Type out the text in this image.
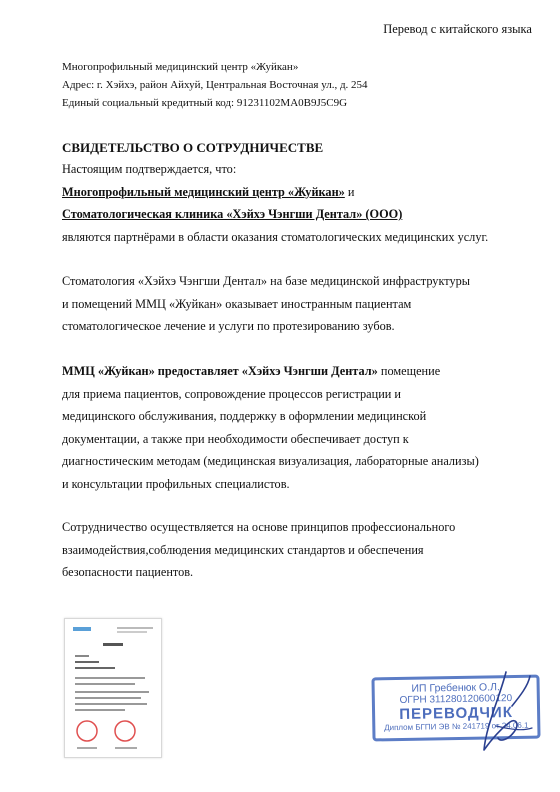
Перевод с китайского языка
Многопрофильный медицинский центр «Жуйкан»
Адрес: г. Хэйхэ, район Айхуй, Центральная Восточная ул., д. 254
Единый социальный кредитный код: 91231102MA0B9J5C9G
СВИДЕТЕЛЬСТВО О СОТРУДНИЧЕСТВЕ
Настоящим подтверждается, что:
Многопрофильный медицинский центр «Жуйкан» и
Стоматологическая клиника «Хэйхэ Чэнгши Дентал» (ООО)
являются партнёрами в области оказания стоматологических медицинских услуг.
Стоматология «Хэйхэ Чэнгши Дентал» на базе медицинской инфраструктуры
и помещений ММЦ «Жуйкан» оказывает иностранным пациентам
стоматологическое лечение и услуги по протезированию зубов.
ММЦ «Жуйкан» предоставляет «Хэйхэ Чэнгши Дентал» помещение
для приема пациентов, сопровождение процессов регистрации и
медицинского обслуживания, поддержку в оформлении медицинской
документации, а также при необходимости обеспечивает доступ к
диагностическим методам (медицинская визуализация, лабораторные анализы)
и консультации профильных специалистов.
Сотрудничество осуществляется на основе принципов профессионального
взаимодействия,соблюдения медицинских стандартов и обеспечения
безопасности пациентов.
ИП Гребенюк О.Л.
ОГРН 311280120600120
ПЕРЕВОДЧИК
Диплом БГПИ ЭВ № 241719 от 24.06.1
